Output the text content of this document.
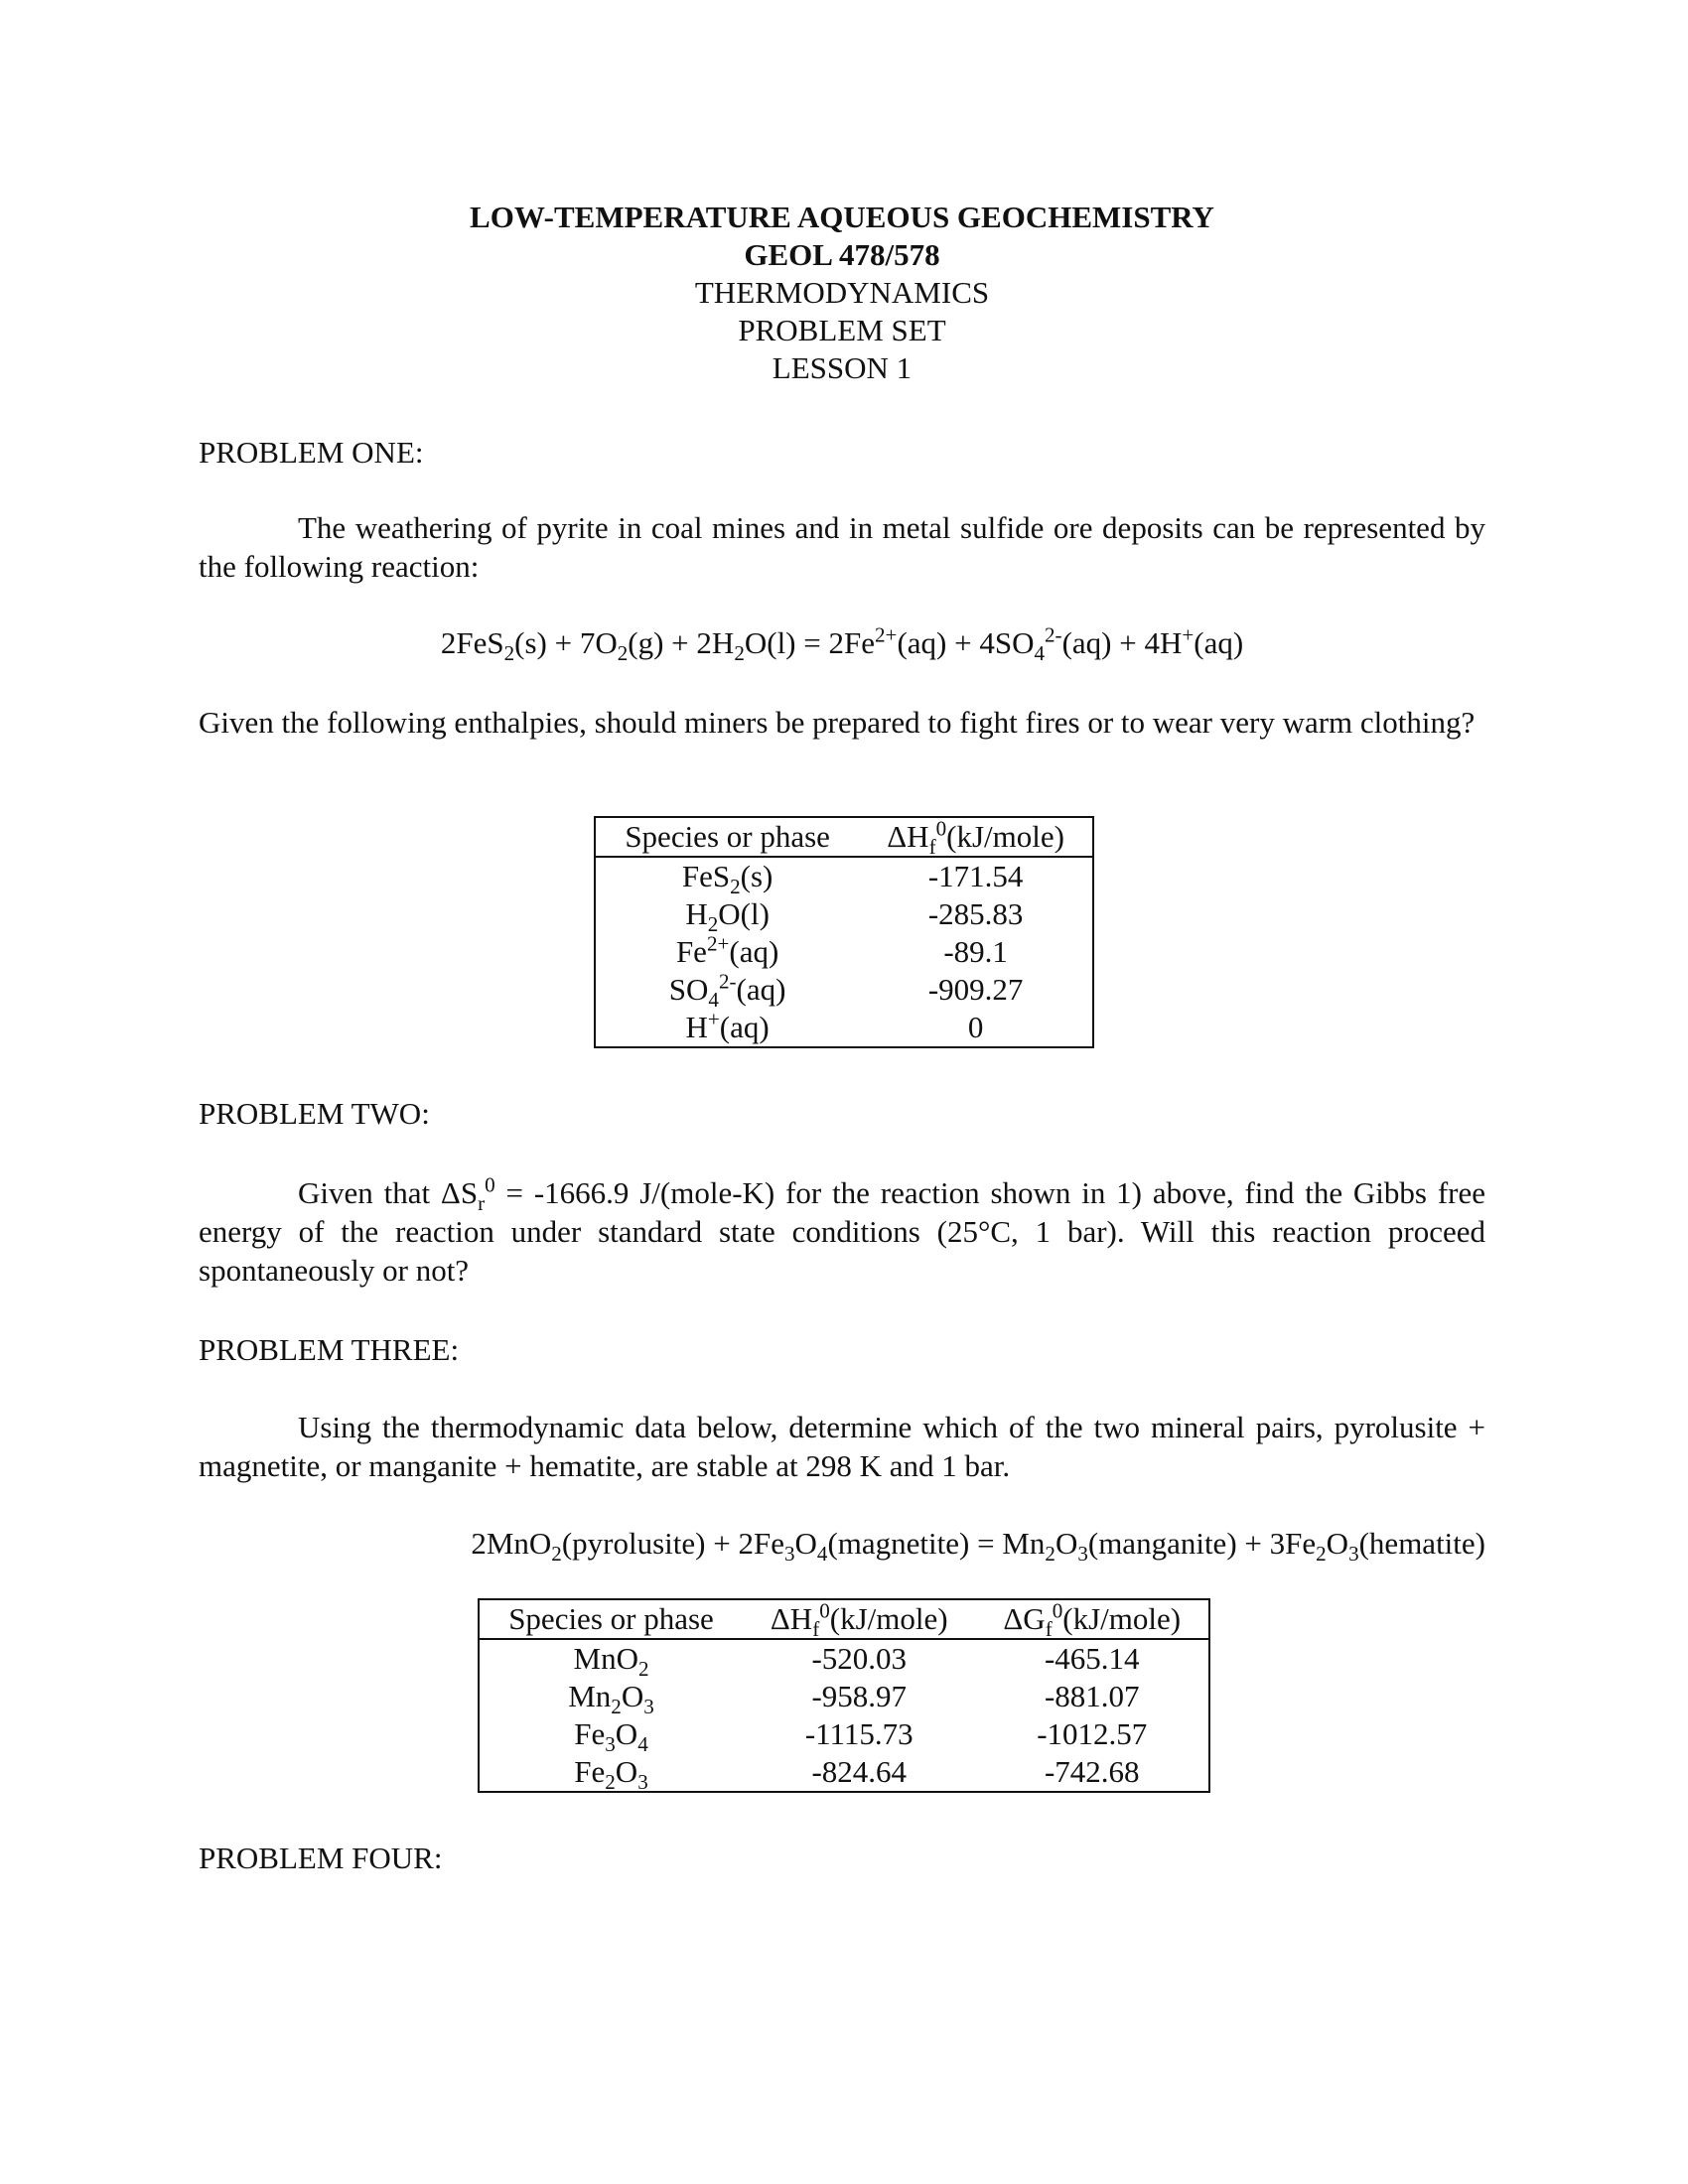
LOW-TEMPERATURE AQUEOUS GEOCHEMISTRY
GEOL 478/578
THERMODYNAMICS
PROBLEM SET
LESSON 1
PROBLEM ONE:
The weathering of pyrite in coal mines and in metal sulfide ore deposits can be represented by the following reaction:
$2FeS_2(s) + 7O_2(g) + 2H_2O(l) = 2Fe^{2+}(aq) + 4SO_4^{2-}(aq) + 4H^+(aq)$
Given the following enthalpies, should miners be prepared to fight fires or to wear very warm clothing?
Species or phase	$\Delta H_f^0(kJ/mole)$
FeS$_2$(s)	-171.54
$H_2O(l)$	-285.83
$Fe^{2+}(aq)$	-89.1
$SO_4^{2-}(aq)$	-909.27
H+(aq)	0
PROBLEM TWO:
Given that $\Delta S_r^0 = -1666.9$ J/(mole-K) for the reaction shown in 1) above, find the Gibbs free energy of the reaction under standard state conditions (25°C, 1 bar). Will this reaction proceed spontaneously or not?
PROBLEM THREE:
Using the thermodynamic data below, determine which of the two mineral pairs, pyrolusite + magnetite, or manganite + hematite, are stable at 298 K and 1 bar.
2MnO$_2$(pyrolusite) + $2Fe_3O_4(magnetite)$ = $Mn_2O_3(manganite)$ + $3Fe_2O_3(hematite)$
Species or phase	$\Delta H_f^0(kJ/mole)$	$\Delta G_f^0(kJ/mole)$
MnO$_2$	-520.03	-465.14
$Mn_2O_3$	-958.97	-881.07
$Fe_3O_4$	-1115.73	-1012.57
$Fe_2O_3$	-824.64	-742.68
PROBLEM FOUR:
